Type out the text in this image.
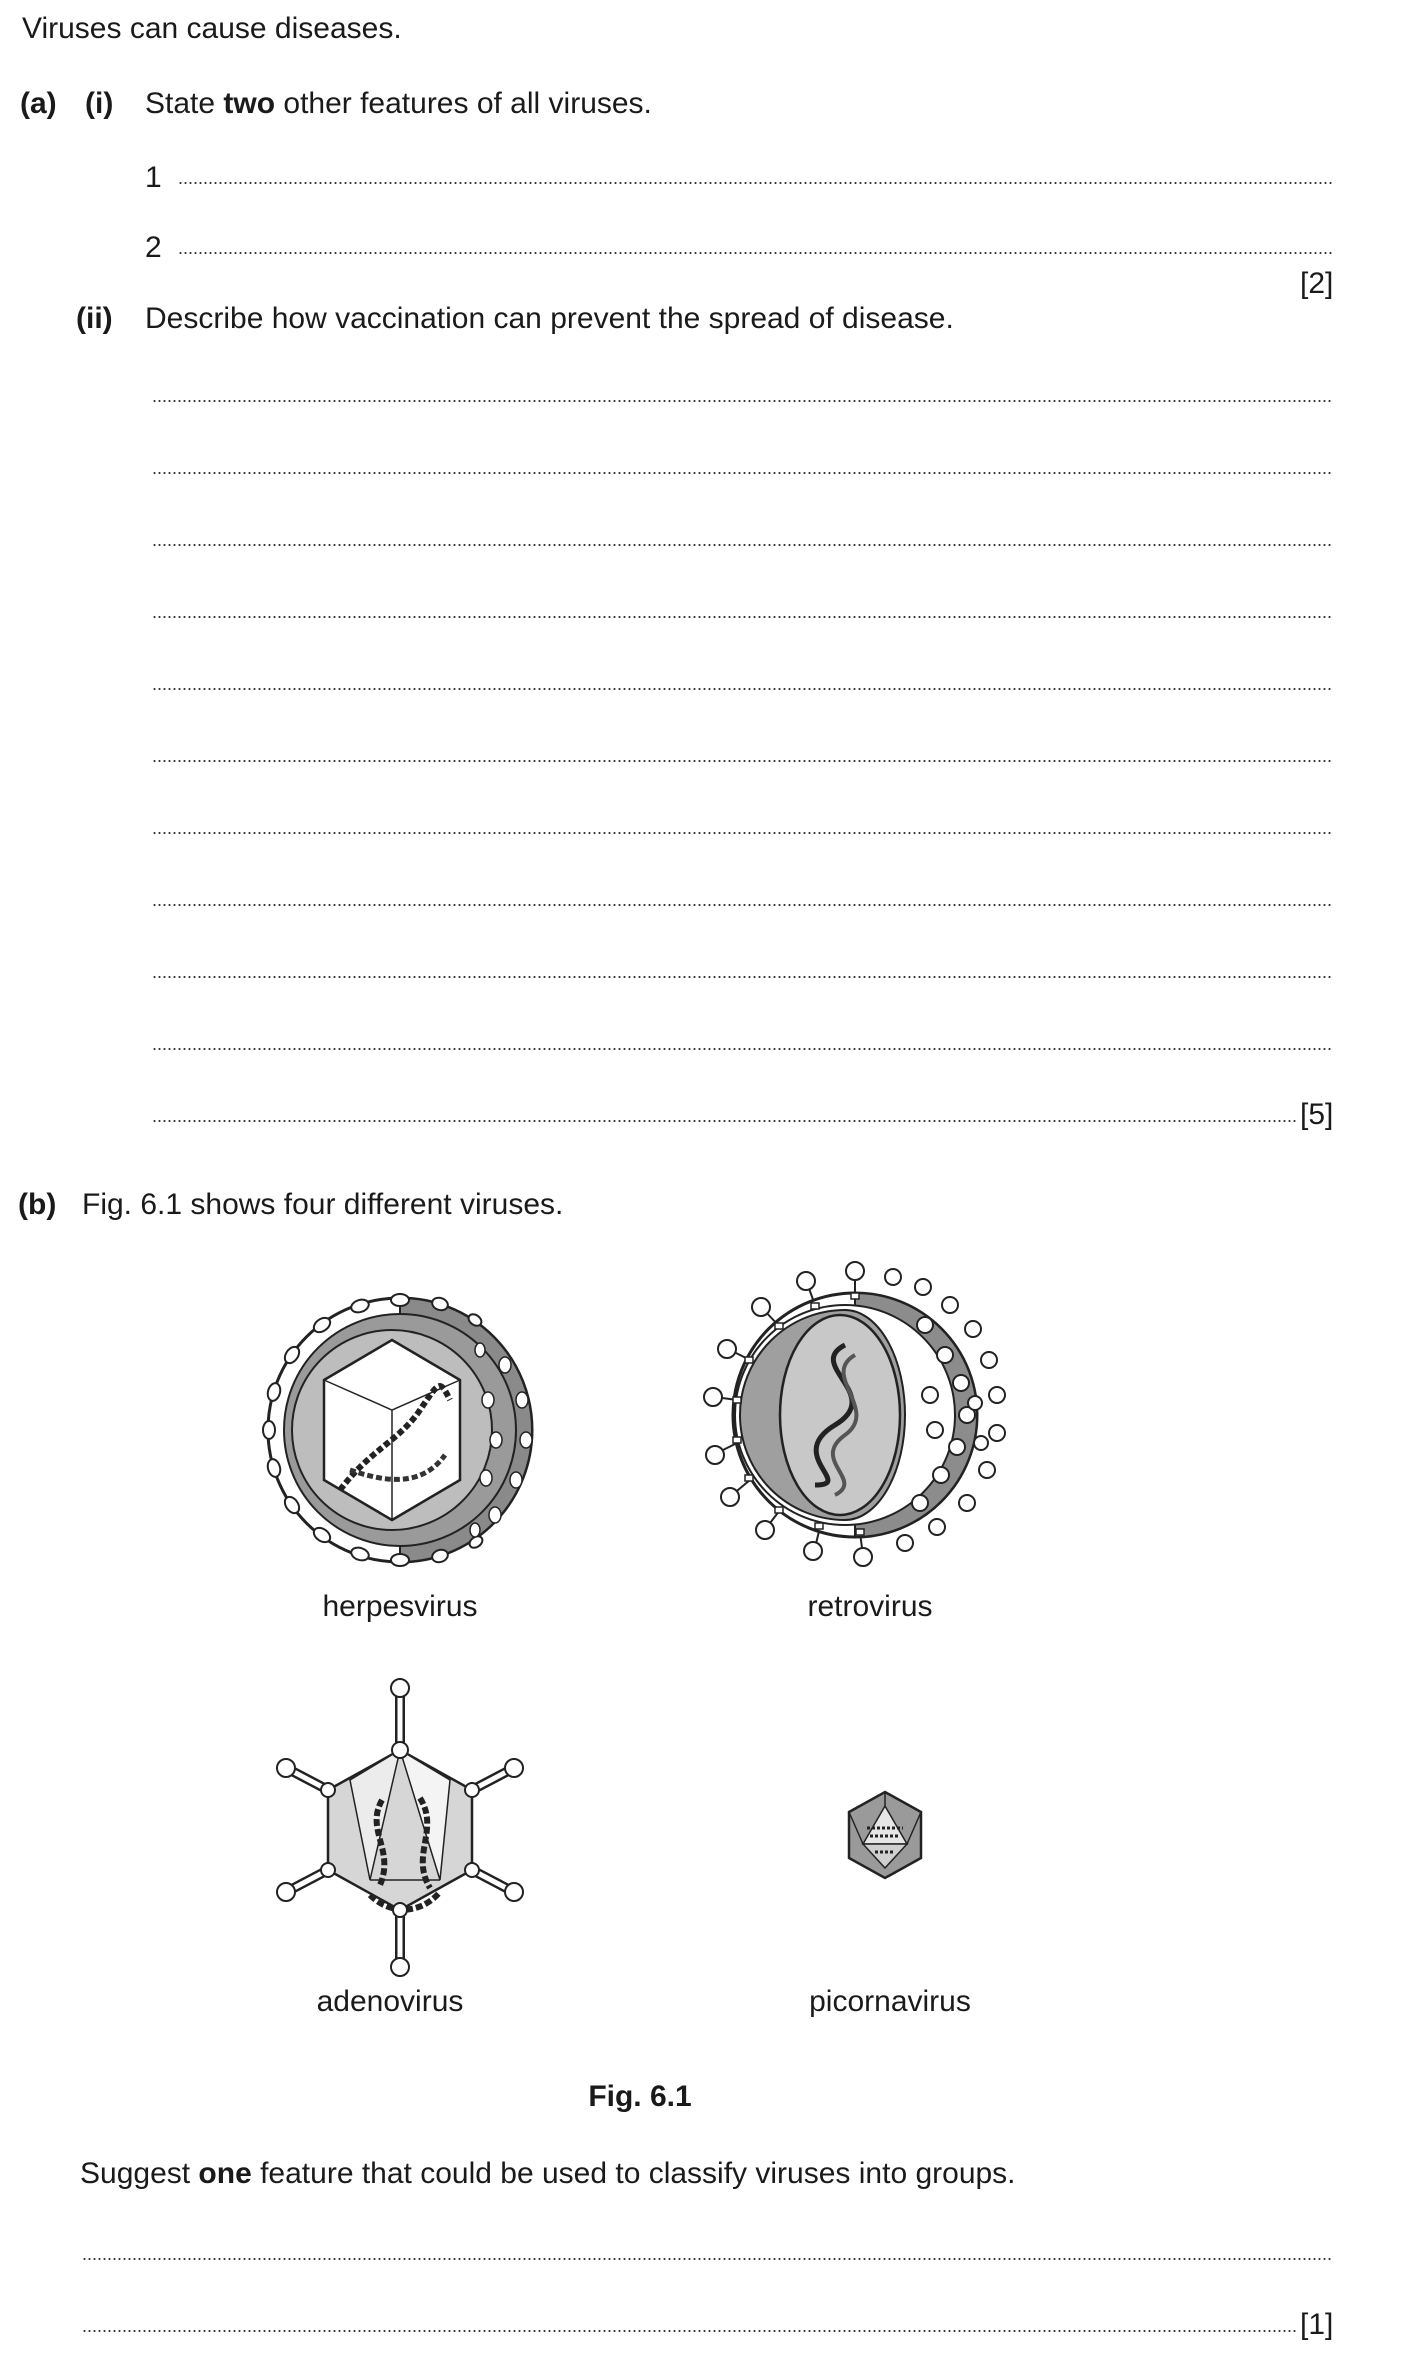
Viruses can cause diseases.
(a) (i) State two other features of all viruses.
1
2
[2]
(ii) Describe how vaccination can prevent the spread of disease.
[5]
(b) Fig. 6.1 shows four different viruses.
herpesvirus	retrovirus
adenovirus	picornavirus
Fig. 6.1
Suggest one feature that could be used to classify viruses into groups.
[1]
